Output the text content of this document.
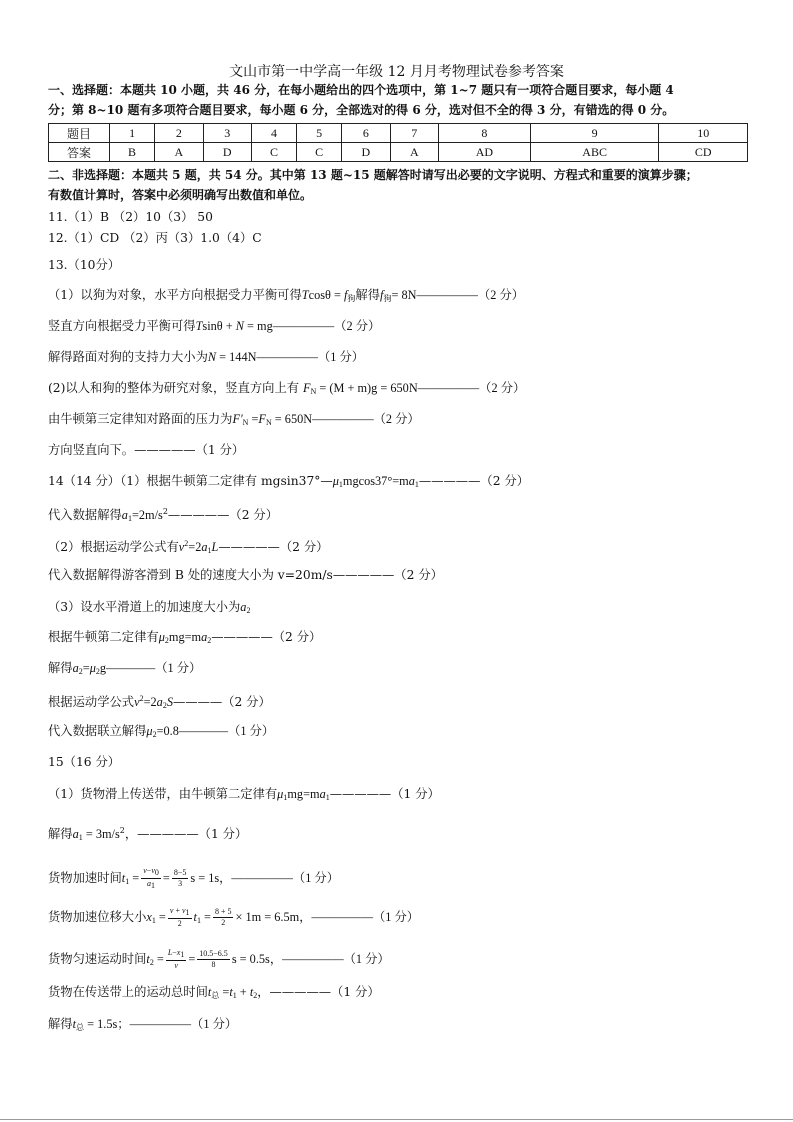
文山市第一中学高一年级 12 月月考物理试卷参考答案
一、选择题：本题共 10 小题，共 46 分，在每小题给出的四个选项中，第 1~7 题只有一项符合题目要求，每小题 4
分；第 8~10 题有多项符合题目要求，每小题 6 分，全部选对的得 6 分，选对但不全的得 3 分，有错选的得 0 分。
题目	1	2	3	4	5	6	7	8	9	10
答案	B	A	D	C	C	D	A	AD	ABC	CD
二、非选择题：本题共 5 题，共 54 分。其中第 13 题~15 题解答时请写出必要的文字说明、方程式和重要的演算步骤；
有数值计算时，答案中必须明确写出数值和单位。
11.（1）B （2）10（3） 50
12.（1）CD （2）丙（3）1.0（4）C
13.（10分）
（1）以狗为对象，水平方向根据受力平衡可得$Tcos\theta = f_狗$解得$f_狗=$ 8N—————（2 分）
竖直方向根据受力平衡可得Tsinθ + N = mg—————（2 分）
解得路面对狗的支持力大小为N = 144N—————（1 分）
(2)以人和狗的整体为研究对象，竖直方向上有 $F_N = (M + m)g$ = 650N—————（2 分）
由牛顿第三定律知对路面的压力为$F'_N =F_N$ = 650N—————（2 分）
方向竖直向下。—————（1 分）
14（14 分）（1）根据牛顿第二定律有 $mgsin37^\circ—\mu_1mgcos37^\circ=ma_1—————(2$ 分）
代入数据解得$a_1=2m/s^2—————(2$ 分）
（2）根据运动学公式有$v^2=2a_1L—————(2$ 分）
代入数据解得游客滑到 B 处的速度大小为 v=20m/s—————（2 分）
（3）设水平滑道上的加速度大小为$a_2$
根据牛顿第二定律有$\mu_2mg=ma_2—————(2$ 分）
解得$a_2=\mu_2g————(1$ 分）
根据运动学公式$v^2=2a_2S————(2$ 分）
代入数据联立解得$\mu_2=0.8————(1$ 分）
15（16 分）
（1）货物滑上传送带，由牛顿第二定律有$\mu_1mg=ma_1—————(1$ 分）
解得$a_1 = 3m/s^2$，—————（1 分）
货物加速时间$t_1 = \frac{v-v_0}{a_1} = \frac{8-5}{3}$ s = 1s，—————（1 分）
货物加速位移大小$x_1 = \frac{v + v_1}{2} t_1 = \frac{8 + 5}{2} \times 1m = 6.5m$，—————（1 分）
货物匀速运动时间$t_2 = \frac{L-x_1}{v} = \frac{10.5-6.5}{8}$ s = 0.5s，—————（1 分）
货物在传送带上的运动总时间$t_总 =t_1 + t_2$，—————（1 分）
解得$t_总 = 1.5s$；—————（1 分）
